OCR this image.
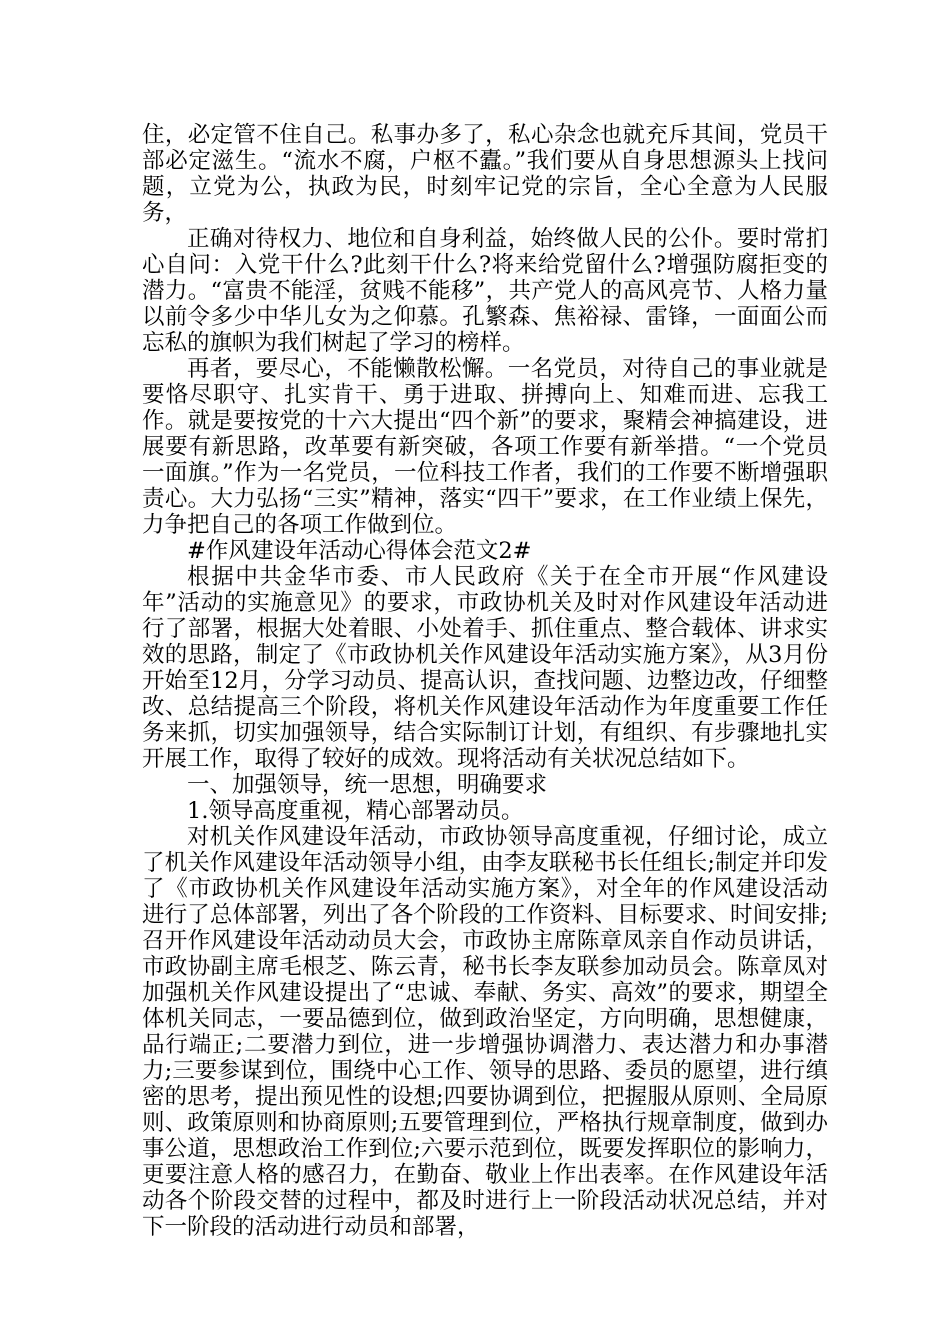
住，必定管不住自己。私事办多了，私心杂念也就充斥其间，党员干部必定滋生。“流水不腐，户枢不蠹。”我们要从自身思想源头上找问题，立党为公，执政为民，时刻牢记党的宗旨，全心全意为人民服务，

正确对待权力、地位和自身利益，始终做人民的公仆。要时常扪心自问：入党干什么?此刻干什么?将来给党留什么?增强防腐拒变的潜力。“富贵不能淫，贫贱不能移”，共产党人的高风亮节、人格力量以前令多少中华儿女为之仰慕。孔繁森、焦裕禄、雷锋，一面面公而忘私的旗帜为我们树起了学习的榜样。

再者，要尽心，不能懒散松懈。一名党员，对待自己的事业就是要恪尽职守、扎实肯干、勇于进取、拼搏向上、知难而进、忘我工作。就是要按党的十六大提出“四个新”的要求，聚精会神搞建设，进展要有新思路，改革要有新突破，各项工作要有新举措。“一个党员一面旗。”作为一名党员，一位科技工作者，我们的工作要不断增强职责心。大力弘扬“三实”精神，落实“四干”要求，在工作业绩上保先，力争把自己的各项工作做到位。

#作风建设年活动心得体会范文2#

根据中共金华市委、市人民政府《关于在全市开展“作风建设年”活动的实施意见》的要求，市政协机关及时对作风建设年活动进行了部署，根据大处着眼、小处着手、抓住重点、整合载体、讲求实效的思路，制定了《市政协机关作风建设年活动实施方案》，从3月份开始至12月，分学习动员、提高认识，查找问题、边整边改，仔细整改、总结提高三个阶段，将机关作风建设年活动作为年度重要工作任务来抓，切实加强领导，结合实际制订计划，有组织、有步骤地扎实开展工作，取得了较好的成效。现将活动有关状况总结如下。

一、加强领导，统一思想，明确要求

1.领导高度重视，精心部署动员。

对机关作风建设年活动，市政协领导高度重视，仔细讨论，成立了机关作风建设年活动领导小组，由李友联秘书长任组长;制定并印发了《市政协机关作风建设年活动实施方案》，对全年的作风建设活动进行了总体部署，列出了各个阶段的工作资料、目标要求、时间安排;召开作风建设年活动动员大会，市政协主席陈章凤亲自作动员讲话，市政协副主席毛根芝、陈云青，秘书长李友联参加动员会。陈章凤对加强机关作风建设提出了“忠诚、奉献、务实、高效”的要求，期望全体机关同志，一要品德到位，做到政治坚定，方向明确，思想健康，品行端正;二要潜力到位，进一步增强协调潜力、表达潜力和办事潜力;三要参谋到位，围绕中心工作、领导的思路、委员的愿望，进行缜密的思考，提出预见性的设想;四要协调到位，把握服从原则、全局原则、政策原则和协商原则;五要管理到位，严格执行规章制度，做到办事公道，思想政治工作到位;六要示范到位，既要发挥职位的影响力，更要注意人格的感召力，在勤奋、敬业上作出表率。在作风建设年活动各个阶段交替的过程中，都及时进行上一阶段活动状况总结，并对下一阶段的活动进行动员和部署，
